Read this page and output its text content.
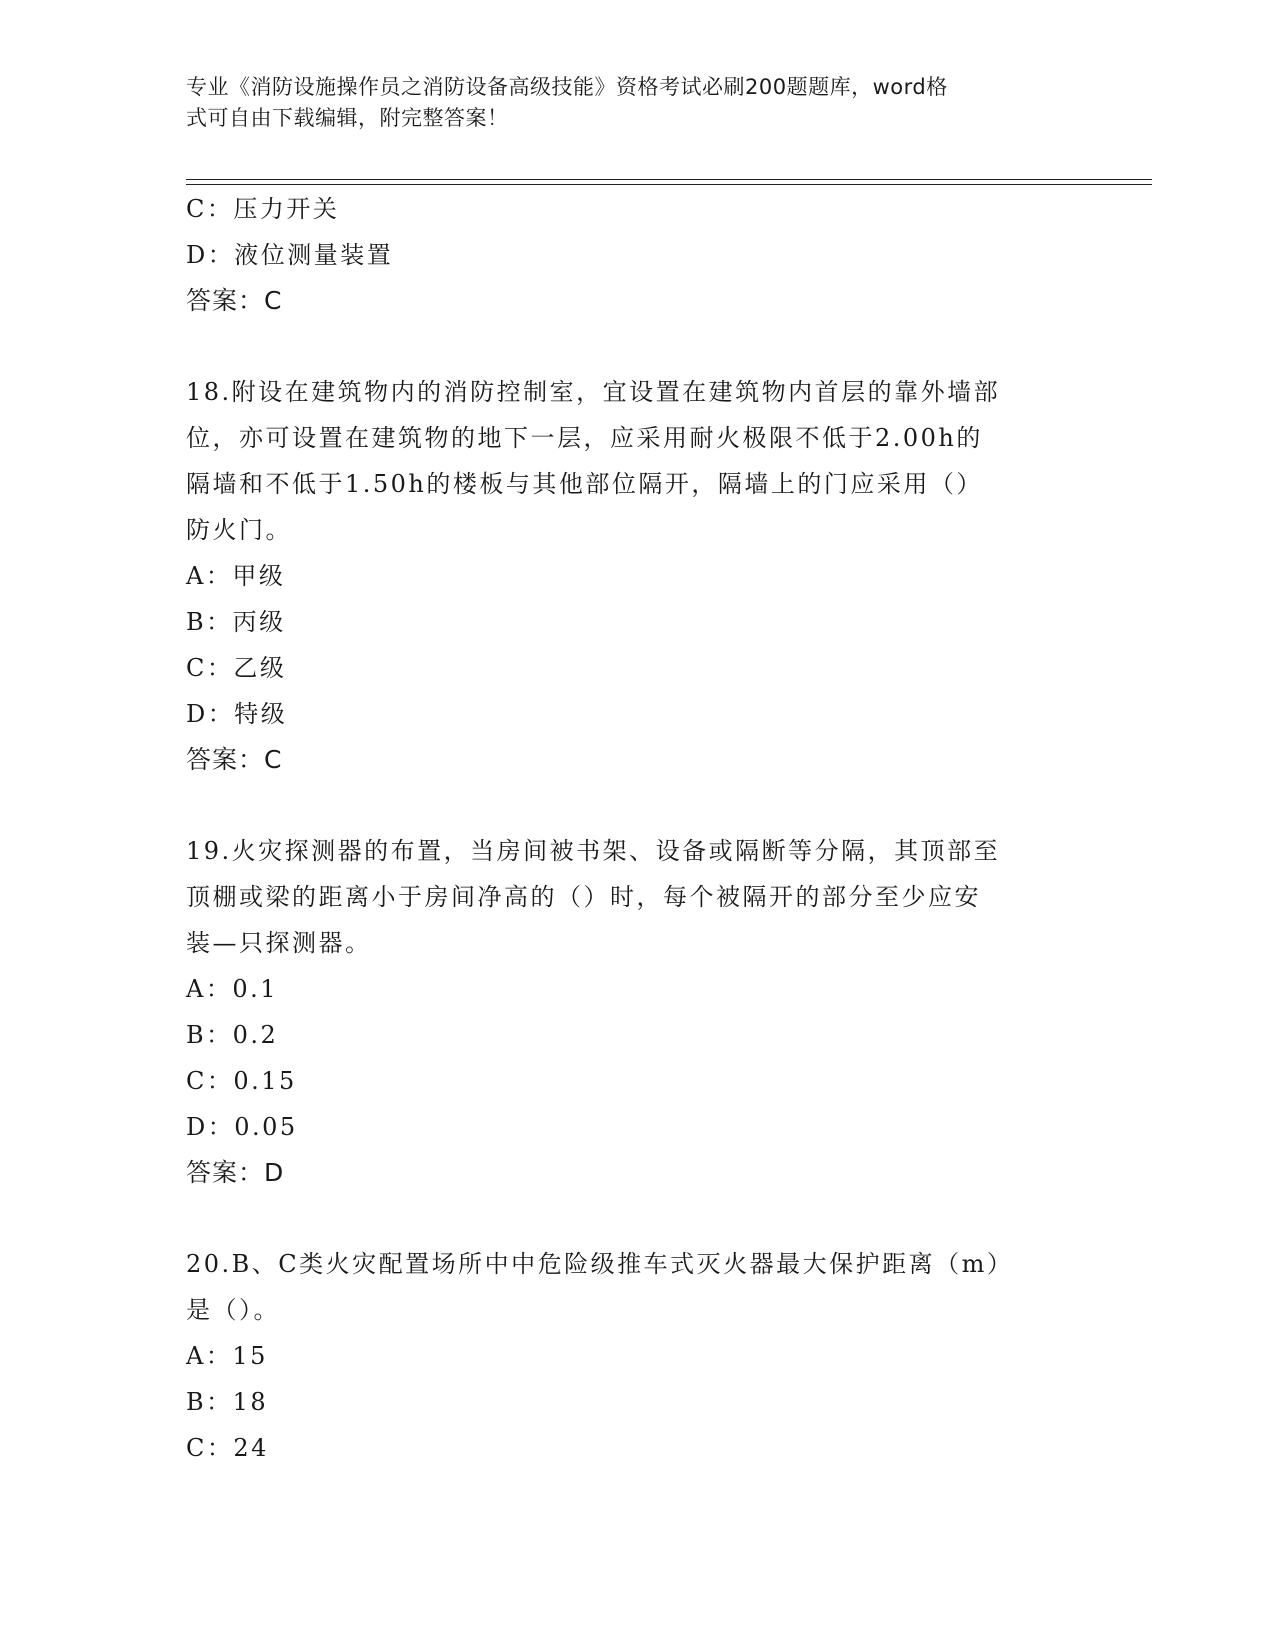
专业《消防设施操作员之消防设备高级技能》资格考试必刷200题题库，word格
式可自由下载编辑，附完整答案！
C：压力开关
D：液位测量装置
答案：C
18.附设在建筑物内的消防控制室，宜设置在建筑物内首层的靠外墙部
位，亦可设置在建筑物的地下一层，应采用耐火极限不低于2.00h的
隔墙和不低于1.50h的楼板与其他部位隔开，隔墙上的门应采用（）
防火门。
A：甲级
B：丙级
C：乙级
D：特级
答案：C
19.火灾探测器的布置，当房间被书架、设备或隔断等分隔，其顶部至
顶棚或梁的距离小于房间净高的（）时，每个被隔开的部分至少应安
装—只探测器。
A：0.1
B：0.2
C：0.15
D：0.05
答案：D
20.B、C类火灾配置场所中中危险级推车式灭火器最大保护距离（m）
是（）。
A：15
B：18
C：24
